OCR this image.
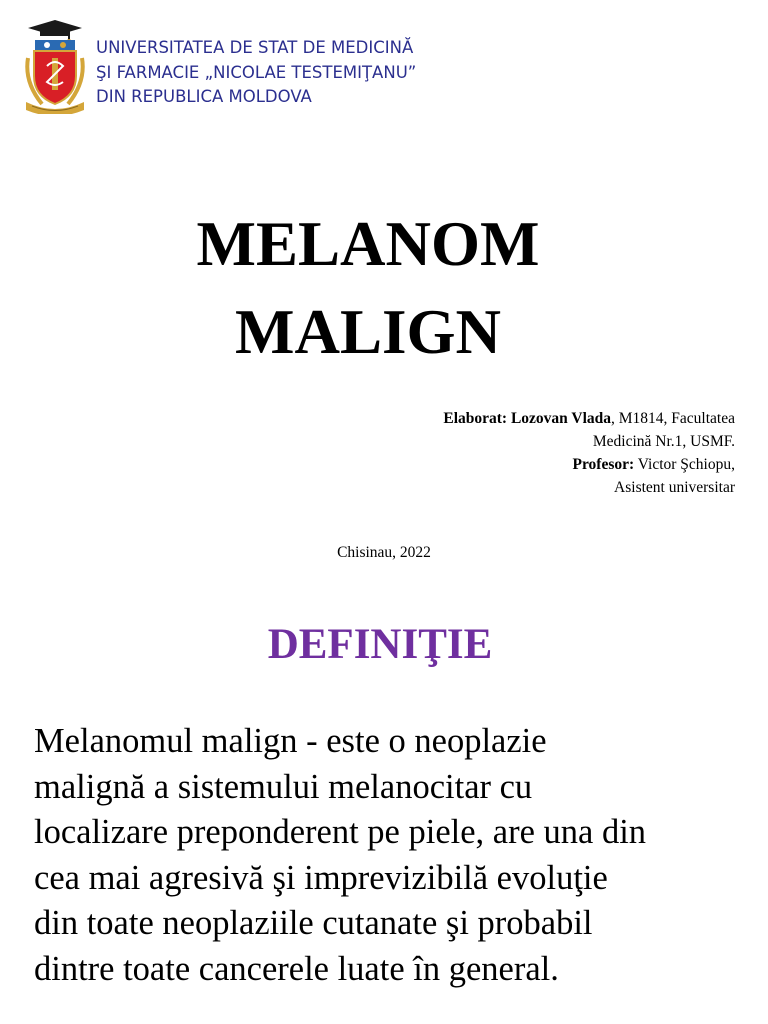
UNIVERSITATEA DE STAT DE MEDICINĂ
ŞI FARMACIE „NICOLAE TESTEMIŢANU”
DIN REPUBLICA MOLDOVA
MELANOM
MALIGN
Elaborat: Lozovan Vlada, M1814, Facultatea
Medicină Nr.1, USMF.
Profesor: Victor Şchiopu,
Asistent universitar
Chisinau, 2022
DEFINIŢIE
Melanomul malign - este o neoplazie
malignă a sistemului melanocitar cu
localizare preponderent pe piele, are una din
cea mai agresivă şi imprevizibilă evoluţie
din toate neoplaziile cutanate şi probabil
dintre toate cancerele luate în general.
